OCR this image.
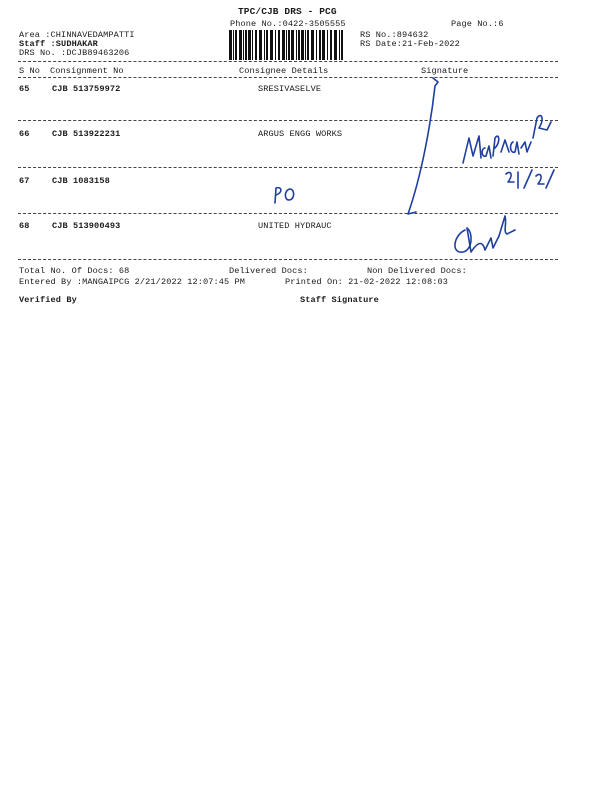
TPC/CJB DRS - PCG
Phone No.:0422-3505555	Page No.:6
Area :CHINNAVEDAMPATTI
Staff :SUDHAKAR
DRS No. :DCJB89463206
RS No.:894632
RS Date:21-Feb-2022
S No Consignment No	Consignee Details	Signature
65	CJB 513759972	SRESIVASELVE
66	CJB 513922231	ARGUS ENGG WORKS
67	CJB 1083158
68	CJB 513900493	UNITED HYDRAUC
Total No. Of Docs: 68	Delivered Docs:	Non Delivered Docs:
Entered By :MANGAIPCG 2/21/2022 12:07:45 PM	Printed On: 21-02-2022 12:08:03
Verified By	Staff Signature
